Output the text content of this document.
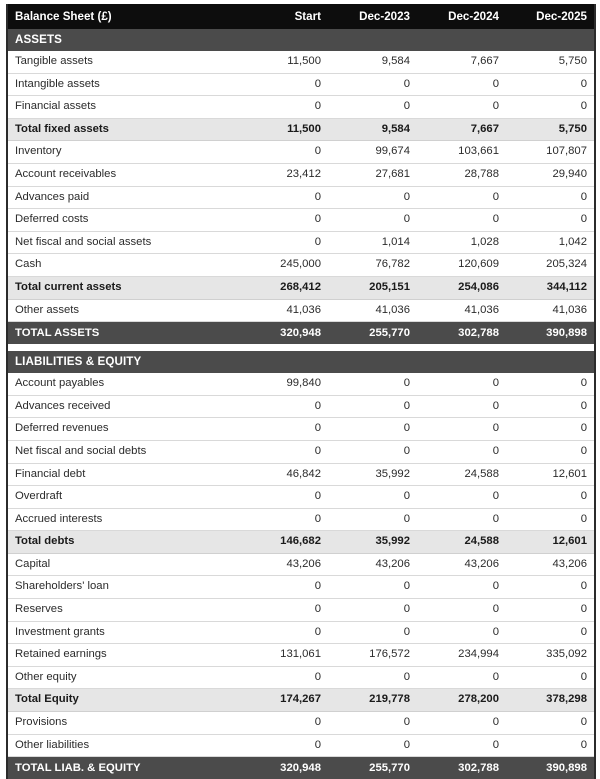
Balance Sheet (£)	Start	Dec-2023	Dec-2024	Dec-2025
ASSETS				
Tangible assets	11,500	9,584	7,667	5,750
Intangible assets	0	0	0	0
Financial assets	0	0	0	0
Total fixed assets	11,500	9,584	7,667	5,750
Inventory	0	99,674	103,661	107,807
Account receivables	23,412	27,681	28,788	29,940
Advances paid	0	0	0	0
Deferred costs	0	0	0	0
Net fiscal and social assets	0	1,014	1,028	1,042
Cash	245,000	76,782	120,609	205,324
Total current assets	268,412	205,151	254,086	344,112
Other assets	41,036	41,036	41,036	41,036
TOTAL ASSETS	320,948	255,770	302,788	390,898

LIABILITIES & EQUITY				
Account payables	99,840	0	0	0
Advances received	0	0	0	0
Deferred revenues	0	0	0	0
Net fiscal and social debts	0	0	0	0
Financial debt	46,842	35,992	24,588	12,601
Overdraft	0	0	0	0
Accrued interests	0	0	0	0
Total debts	146,682	35,992	24,588	12,601
Capital	43,206	43,206	43,206	43,206
Shareholders' loan	0	0	0	0
Reserves	0	0	0	0
Investment grants	0	0	0	0
Retained earnings	131,061	176,572	234,994	335,092
Other equity	0	0	0	0
Total Equity	174,267	219,778	278,200	378,298
Provisions	0	0	0	0
Other liabilities	0	0	0	0
TOTAL LIAB. & EQUITY	320,948	255,770	302,788	390,898
